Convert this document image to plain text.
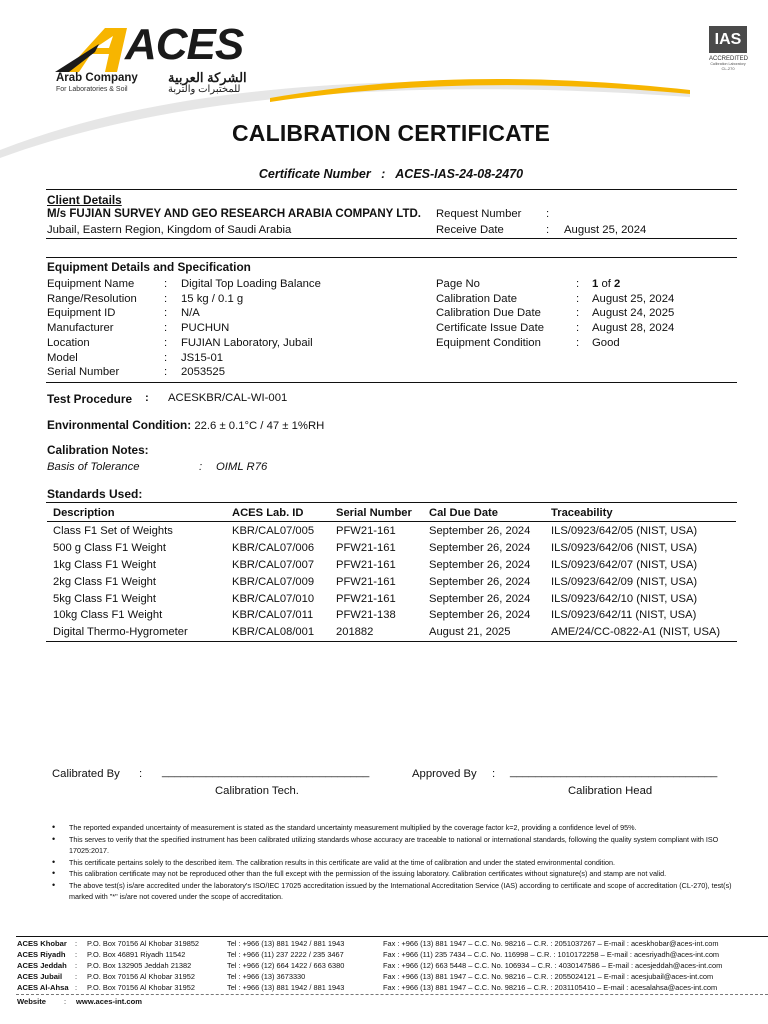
ACES
Arab Company
For Laboratories & Soil
الشركة العربية
للمختبرات والتربة
IAS
ACCREDITED
Calibration Laboratory
CL-270
CALIBRATION CERTIFICATE
Certificate Number : ACES-IAS-24-08-2470
Client Details
M/s FUJIAN SURVEY AND GEO RESEARCH ARABIA COMPANY LTD.
Jubail, Eastern Region, Kingdom of Saudi Arabia
Request Number :
Receive Date	: August 25, 2024
Equipment Details and Specification
Equipment Name	: Digital Top Loading Balance
Range/Resolution : 15 kg / 0.1 g
Equipment ID	: N/A
Manufacturer	: PUCHUN
Location	: FUJIAN Laboratory, Jubail
Model	: JS15-01
Serial Number	: 2053525
Page No	: 1 of 2
Calibration Date	: August 25, 2024
Calibration Due Date	: August 24, 2025
Certificate Issue Date	: August 28, 2024
Equipment Condition	: Good
Test Procedure : ACESKBR/CAL-WI-001
Environmental Condition: 22.6 ± 0.1°C / 47 ± 1%RH
Calibration Notes:
Basis of Tolerance	: OIML R76
Standards Used:
Description	ACES Lab. ID	Serial Number	Cal Due Date	Traceability

Class F1 Set of Weights	KBR/CAL07/005	PFW21-161	September 26, 2024	ILS/0923/642/05 (NIST, USA)
500 g Class F1 Weight	KBR/CAL07/006	PFW21-161	September 26, 2024	ILS/0923/642/06 (NIST, USA)
1kg Class F1 Weight	KBR/CAL07/007	PFW21-161	September 26, 2024	ILS/0923/642/07 (NIST, USA)
2kg Class F1 Weight	KBR/CAL07/009	PFW21-161	September 26, 2024	ILS/0923/642/09 (NIST, USA)
5kg Class F1 Weight	KBR/CAL07/010	PFW21-161	September 26, 2024	ILS/0923/642/10 (NIST, USA)
10kg Class F1 Weight	KBR/CAL07/011	PFW21-138	September 26, 2024	ILS/0923/642/11 (NIST, USA)
Digital Thermo-Hygrometer	KBR/CAL08/001	201882	August 21, 2025	AME/24/CC-0822-A1 (NIST, USA)
Calibrated By : _________________________________
Calibration Tech.
Approved By : _________________________________
Calibration Head
• The reported expanded uncertainty of measurement is stated as the standard uncertainty measurement multiplied by the coverage factor k=2, providing a confidence level of 95%.
• This serves to verify that the specified instrument has been calibrated utilizing standards whose accuracy are traceable to national or international standards, following the quality system compliant with ISO 17025:2017.
• This certificate pertains solely to the described item. The calibration results in this certificate are valid at the time of calibration and under the stated environmental condition.
• This calibration certificate may not be reproduced other than the full except with the permission of the issuing laboratory. Calibration certificates without signature(s) and stamp are not valid.
• The above test(s) is/are accredited under the laboratory's ISO/IEC 17025 accreditation issued by the International Accreditation Service (IAS) according to certificate and scope of accreditation (CL-270), test(s) marked with "*" is/are not covered under the scope of accreditation.
ACES Khobar : P.O. Box 70156 Al Khobar 319852	Tel : +966 (13) 881 1942 / 881 1943	Fax : +966 (13) 881 1947 – C.C. No. 98216 – C.R. : 2051037267 – E-mail : aceskhobar@aces-int.com
ACES Riyadh : P.O. Box 46891 Riyadh 11542	Tel : +966 (11) 237 2222 / 235 3467	Fax : +966 (11) 235 7434 – C.C. No. 116998 – C.R. : 1010172258 – E-mail : acesriyadh@aces-int.com
ACES Jeddah : P.O. Box 132905 Jeddah 21382	Tel : +966 (12) 664 1422 / 663 6380	Fax : +966 (12) 663 5448 – C.C. No. 106934 – C.R. : 4030147586 – E-mail : acesjeddah@aces-int.com
ACES Jubail : P.O. Box 70156 Al Khobar 31952	Tel : +966 (13) 3673330	Fax : +966 (13) 881 1947 – C.C. No. 98216 – C.R. : 2055024121 – E-mail : acesjubail@aces-int.com
ACES Al-Ahsa : P.O. Box 70156 Al Khobar 31952	Tel : +966 (13) 881 1942 / 881 1943	Fax : +966 (13) 881 1947 – C.C. No. 98216 – C.R. : 2031105410 – E-mail : acesalahsa@aces-int.com
Website : www.aces-int.com
